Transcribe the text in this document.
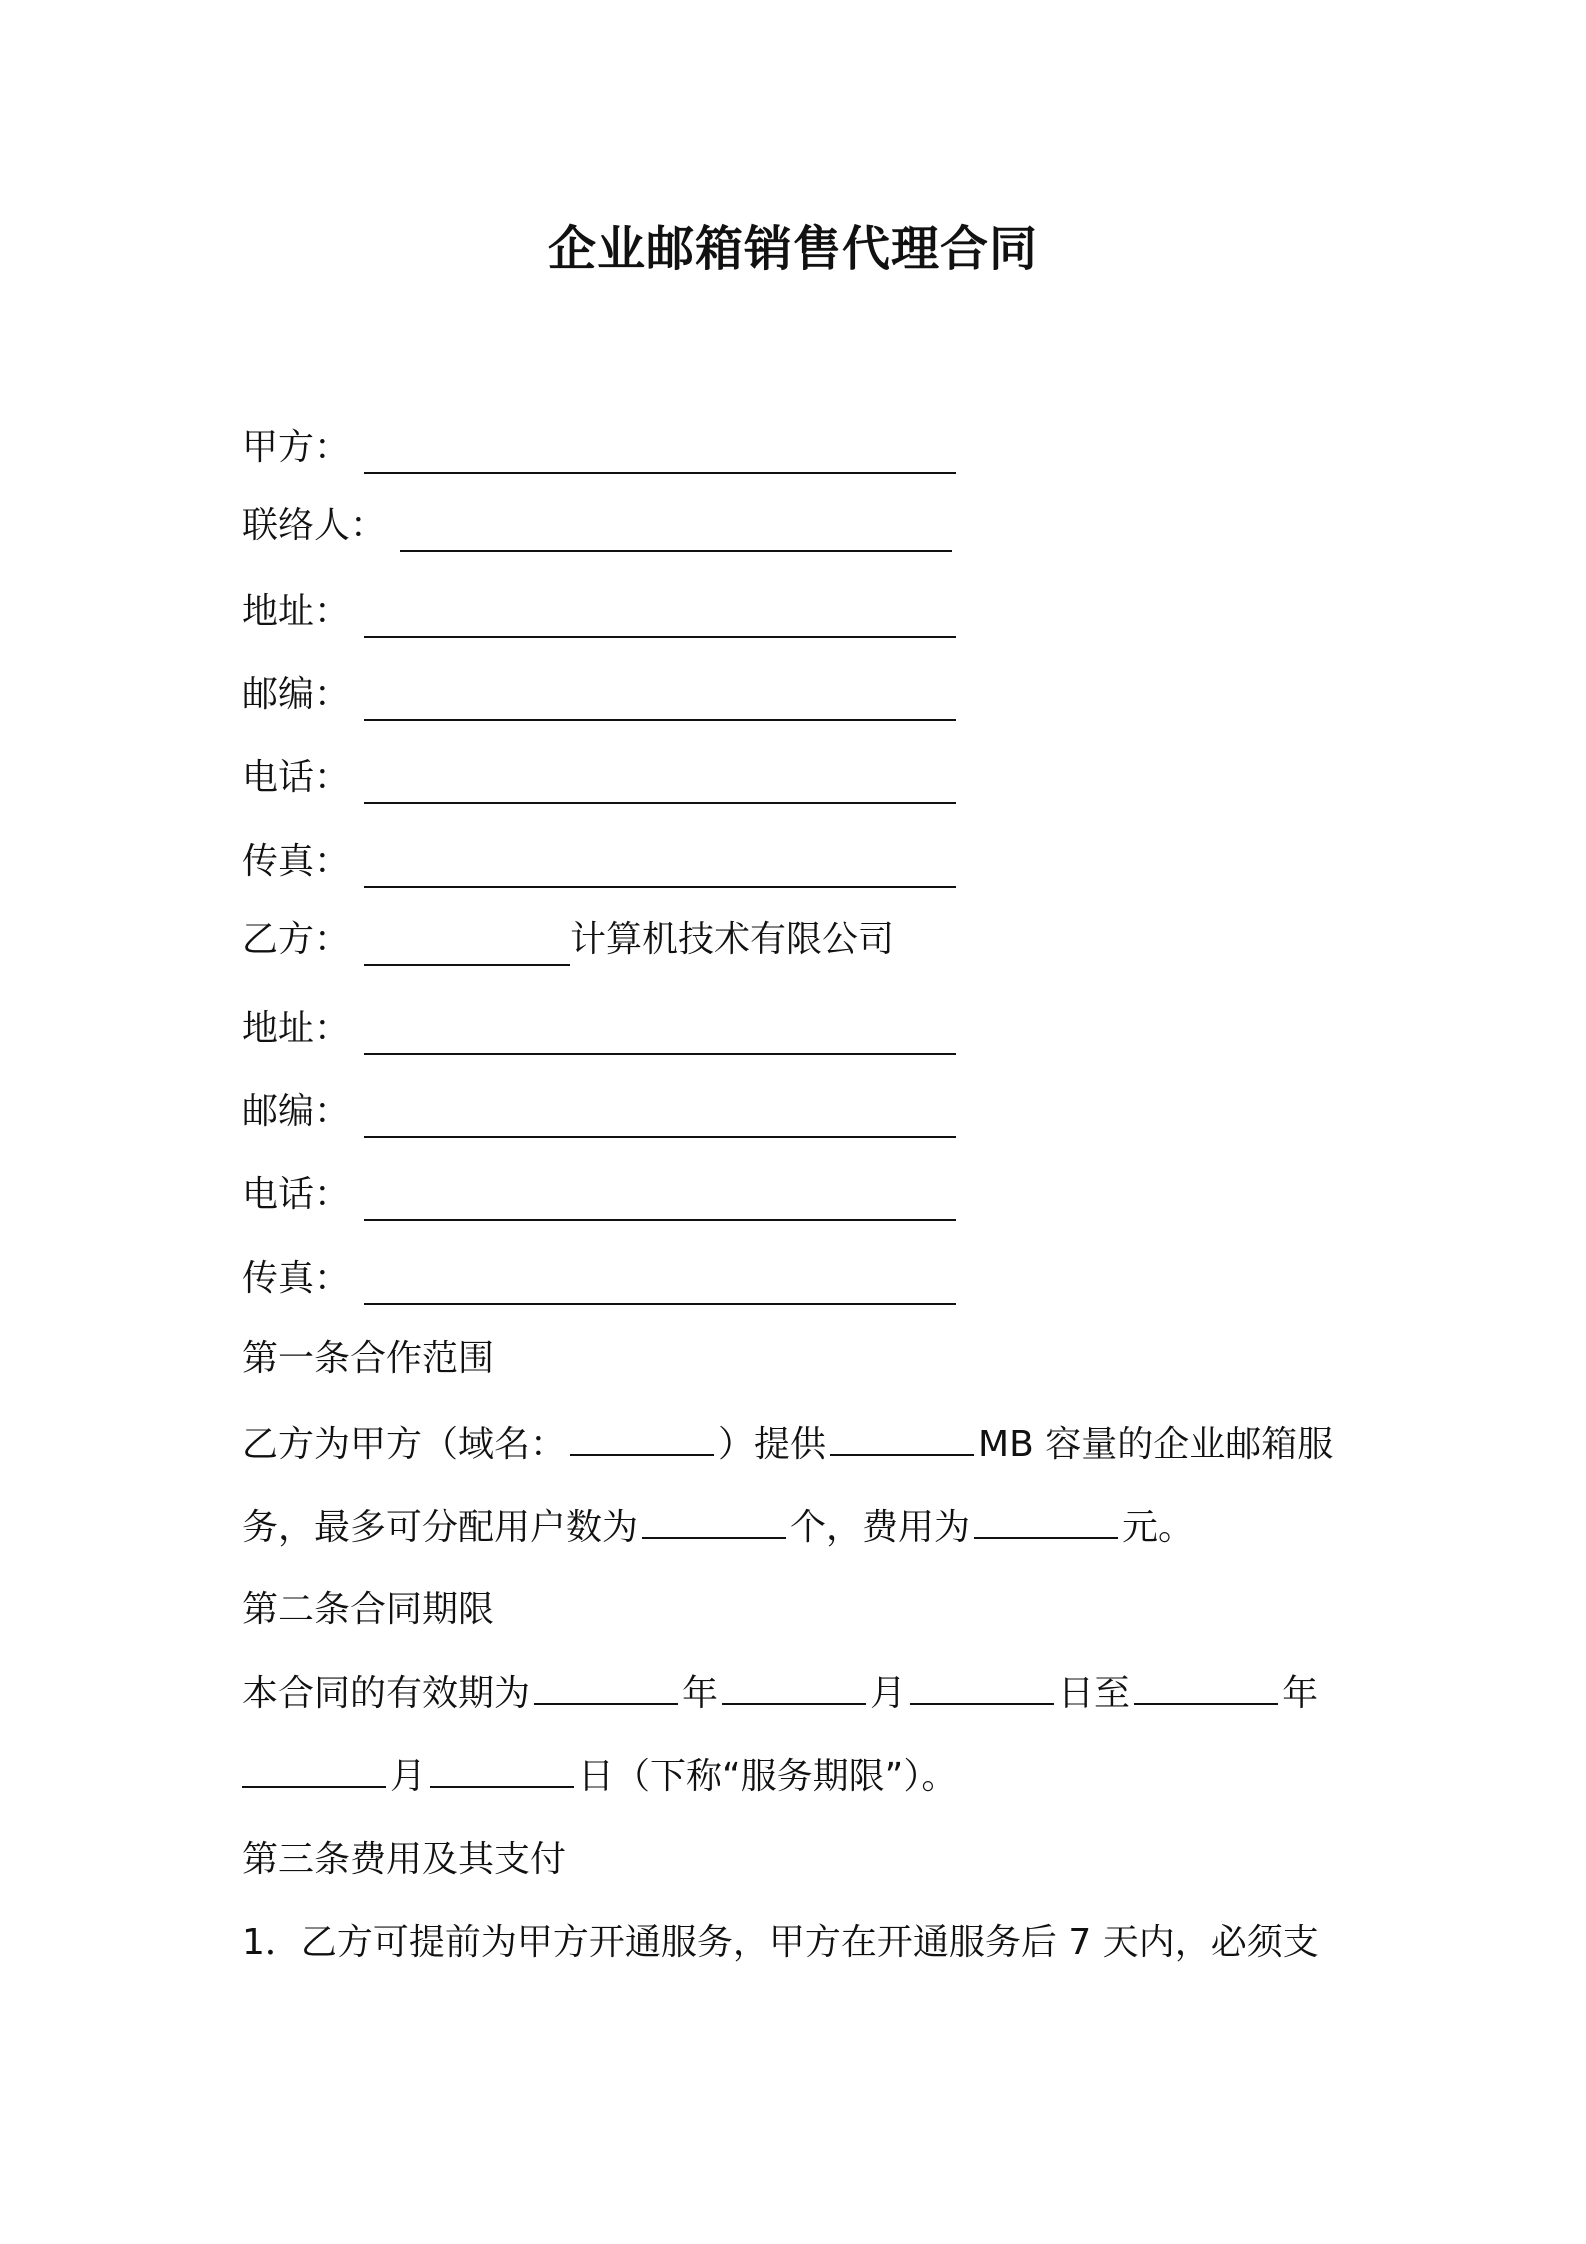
企业邮箱销售代理合同
甲方：
联络人：
地址：
邮编：
电话：
传真：
乙方：	计算机技术有限公司
地址：
邮编：
电话：
传真：
第一条合作范围
乙方为甲方（域名：	）提供	MB 容量的企业邮箱服
务，最多可分配用户数为	个，费用为	元。
第二条合同期限
本合同的有效期为	年	月	日至	年
月	日（下称“服务期限”）。
第三条费用及其支付
1．乙方可提前为甲方开通服务，甲方在开通服务后 7 天内，必须支
